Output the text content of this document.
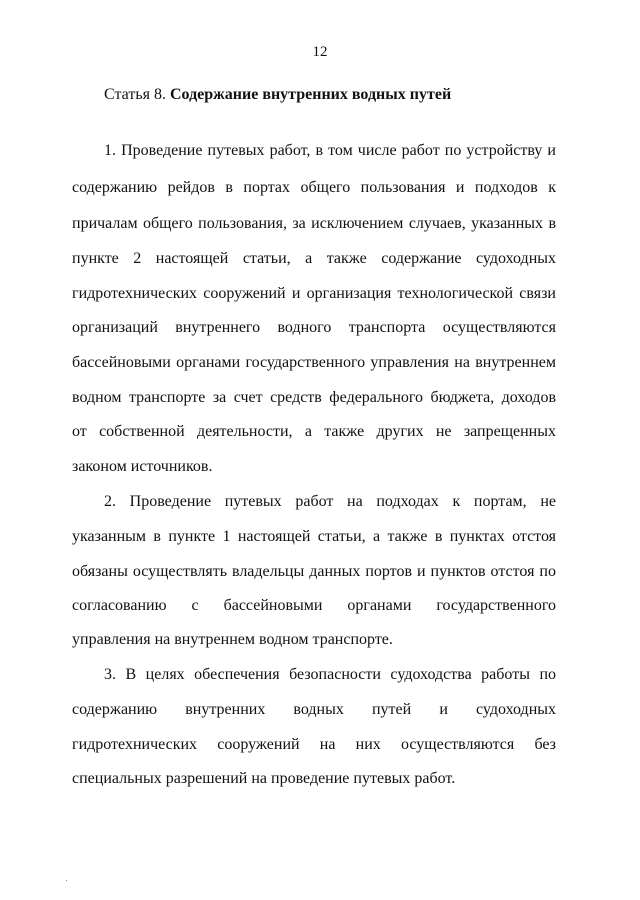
12
Статья 8. Содержание внутренних водных путей
1. Проведение путевых работ, в том числе работ по устройству и
содержанию рейдов в портах общего пользования и подходов к
причалам общего пользования, за исключением случаев, указанных в
пункте 2 настоящей статьи, а также содержание судоходных
гидротехнических сооружений и организация технологической связи
организаций внутреннего водного транспорта осуществляются
бассейновыми органами государственного управления на внутреннем
водном транспорте за счет средств федерального бюджета, доходов
от собственной деятельности, а также других не запрещенных
законом источников.
2. Проведение путевых работ на подходах к портам, не
указанным в пункте 1 настоящей статьи, а также в пунктах отстоя
обязаны осуществлять владельцы данных портов и пунктов отстоя по
согласованию с бассейновыми органами государственного
управления на внутреннем водном транспорте.
3. В целях обеспечения безопасности судоходства работы по
содержанию внутренних водных путей и судоходных
гидротехнических сооружений на них осуществляются без
специальных разрешений на проведение путевых работ.
